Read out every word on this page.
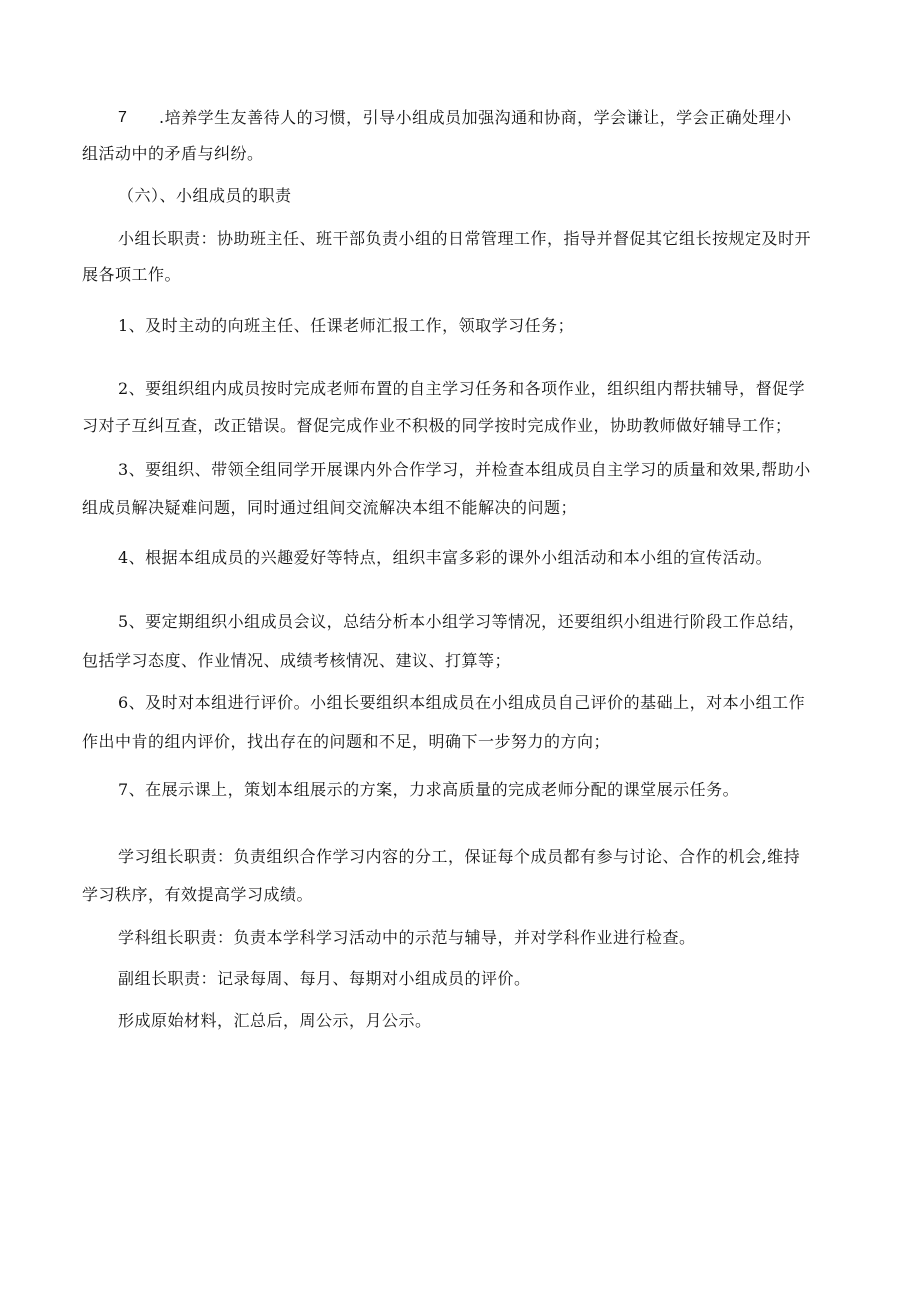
7 .培养学生友善待人的习惯，引导小组成员加强沟通和协商，学会谦让，学会正确处理小
组活动中的矛盾与纠纷。
（六）、小组成员的职责
小组长职责：协助班主任、班干部负责小组的日常管理工作，指导并督促其它组长按规定及时开
展各项工作。
1、及时主动的向班主任、任课老师汇报工作，领取学习任务；
2、要组织组内成员按时完成老师布置的自主学习任务和各项作业，组织组内帮扶辅导，督促学
习对子互纠互查，改正错误。督促完成作业不积极的同学按时完成作业，协助教师做好辅导工作；
3、要组织、带领全组同学开展课内外合作学习，并检查本组成员自主学习的质量和效果,帮助小
组成员解决疑难问题，同时通过组间交流解决本组不能解决的问题；
4、根据本组成员的兴趣爱好等特点，组织丰富多彩的课外小组活动和本小组的宣传活动。
5、要定期组织小组成员会议，总结分析本小组学习等情况，还要组织小组进行阶段工作总结，
包括学习态度、作业情况、成绩考核情况、建议、打算等；
6、及时对本组进行评价。小组长要组织本组成员在小组成员自己评价的基础上，对本小组工作
作出中肯的组内评价，找出存在的问题和不足，明确下一步努力的方向；
7、在展示课上，策划本组展示的方案，力求高质量的完成老师分配的课堂展示任务。
学习组长职责：负责组织合作学习内容的分工，保证每个成员都有参与讨论、合作的机会,维持
学习秩序，有效提高学习成绩。
学科组长职责：负责本学科学习活动中的示范与辅导，并对学科作业进行检查。
副组长职责：记录每周、每月、每期对小组成员的评价。
形成原始材料，汇总后，周公示，月公示。
